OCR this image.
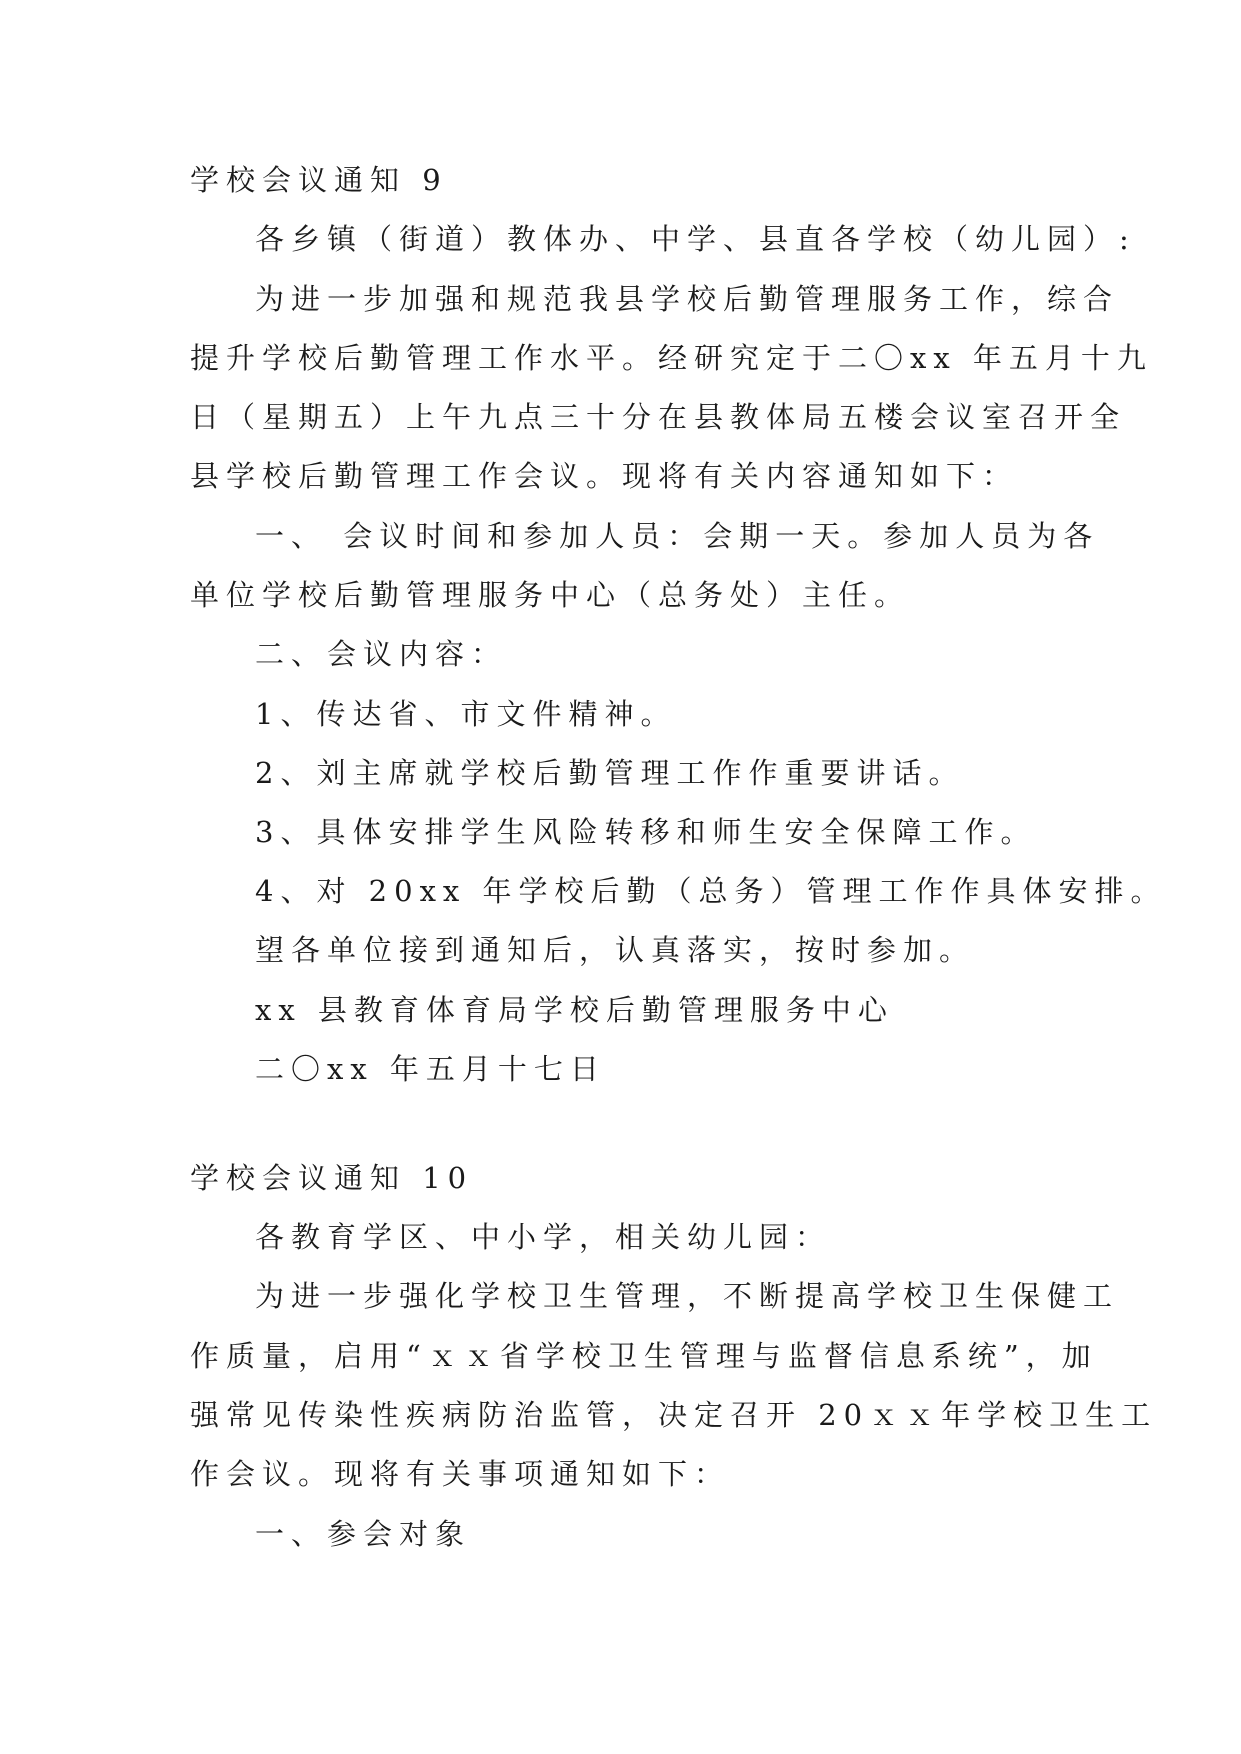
学校会议通知 9
各乡镇（街道）教体办、中学、县直各学校（幼儿园）:
为进一步加强和规范我县学校后勤管理服务工作，综合
提升学校后勤管理工作水平。经研究定于二〇xx 年五月十九
日（星期五）上午九点三十分在县教体局五楼会议室召开全
县学校后勤管理工作会议。现将有关内容通知如下：
一、 会议时间和参加人员：会期一天。参加人员为各
单位学校后勤管理服务中心（总务处）主任。
二、会议内容：
1、传达省、市文件精神。
2、刘主席就学校后勤管理工作作重要讲话。
3、具体安排学生风险转移和师生安全保障工作。
4、对 20xx 年学校后勤（总务）管理工作作具体安排。
望各单位接到通知后，认真落实，按时参加。
xx 县教育体育局学校后勤管理服务中心
二〇xx 年五月十七日
学校会议通知 10
各教育学区、中小学，相关幼儿园：
为进一步强化学校卫生管理，不断提高学校卫生保健工
作质量，启用“ｘｘ省学校卫生管理与监督信息系统”，加
强常见传染性疾病防治监管，决定召开 20ｘｘ年学校卫生工
作会议。现将有关事项通知如下：
一、参会对象
